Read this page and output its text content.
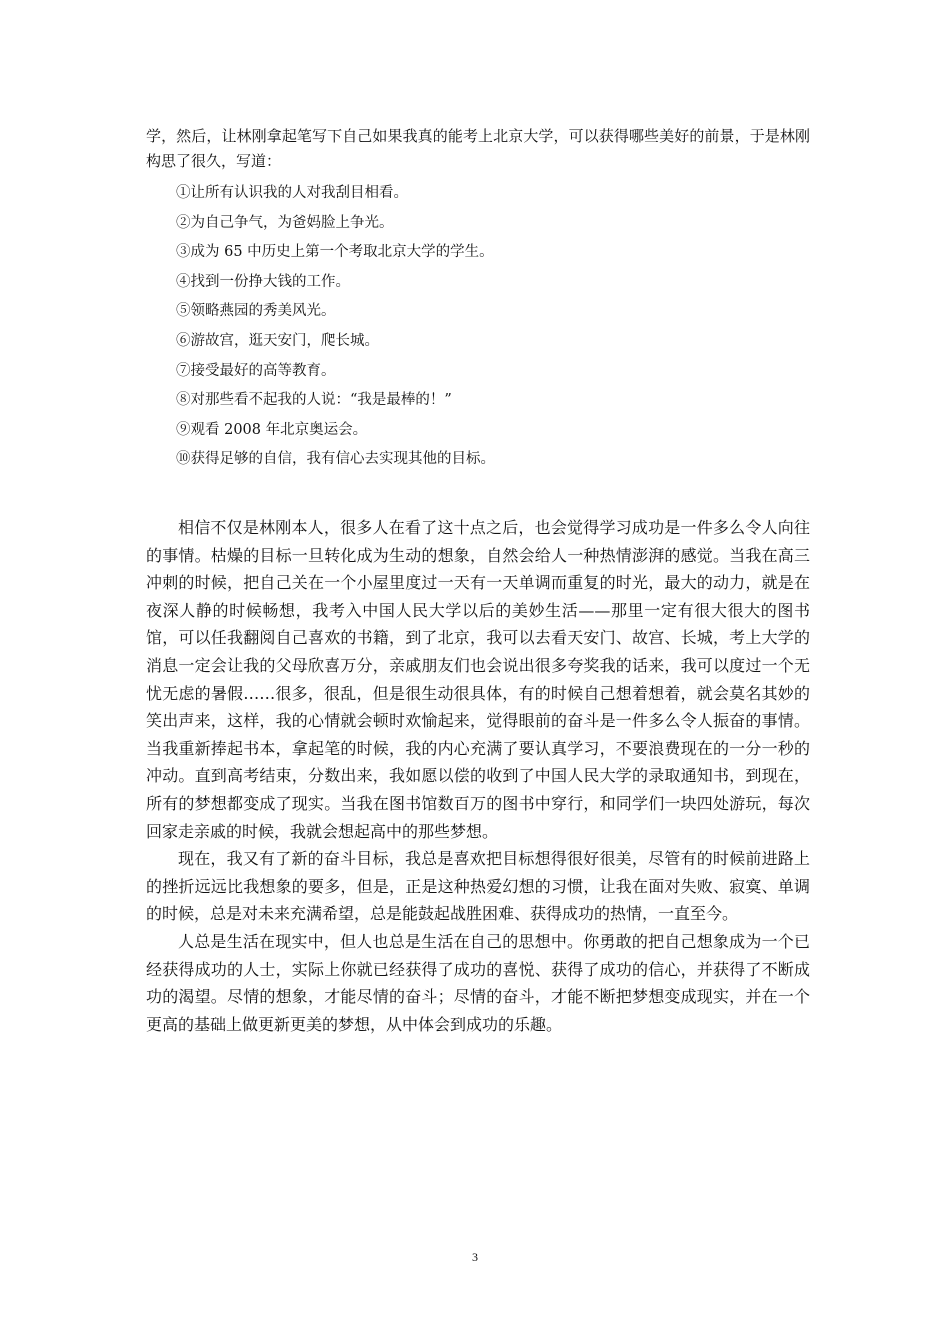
学，然后，让林刚拿起笔写下自己如果我真的能考上北京大学，可以获得哪些美好的前景，于是林刚构思了很久，写道：

①让所有认识我的人对我刮目相看。
②为自己争气，为爸妈脸上争光。
③成为 65 中历史上第一个考取北京大学的学生。
④找到一份挣大钱的工作。
⑤领略燕园的秀美风光。
⑥游故宫，逛天安门，爬长城。
⑦接受最好的高等教育。
⑧对那些看不起我的人说：“我是最棒的！”
⑨观看 2008 年北京奥运会。
⑩获得足够的自信，我有信心去实现其他的目标。

相信不仅是林刚本人，很多人在看了这十点之后，也会觉得学习成功是一件多么令人向往的事情。枯燥的目标一旦转化成为生动的想象，自然会给人一种热情澎湃的感觉。当我在高三冲刺的时候，把自己关在一个小屋里度过一天有一天单调而重复的时光，最大的动力，就是在夜深人静的时候畅想，我考入中国人民大学以后的美妙生活——那里一定有很大很大的图书馆，可以任我翻阅自己喜欢的书籍，到了北京，我可以去看天安门、故宫、长城，考上大学的消息一定会让我的父母欣喜万分，亲戚朋友们也会说出很多夸奖我的话来，我可以度过一个无忧无虑的暑假……很多，很乱，但是很生动很具体，有的时候自己想着想着，就会莫名其妙的笑出声来，这样，我的心情就会顿时欢愉起来，觉得眼前的奋斗是一件多么令人振奋的事情。当我重新捧起书本，拿起笔的时候，我的内心充满了要认真学习，不要浪费现在的一分一秒的冲动。直到高考结束，分数出来，我如愿以偿的收到了中国人民大学的录取通知书，到现在，所有的梦想都变成了现实。当我在图书馆数百万的图书中穿行，和同学们一块四处游玩，每次回家走亲戚的时候，我就会想起高中的那些梦想。

现在，我又有了新的奋斗目标，我总是喜欢把目标想得很好很美，尽管有的时候前进路上的挫折远远比我想象的要多，但是，正是这种热爱幻想的习惯，让我在面对失败、寂寞、单调的时候，总是对未来充满希望，总是能鼓起战胜困难、获得成功的热情，一直至今。

人总是生活在现实中，但人也总是生活在自己的思想中。你勇敢的把自己想象成为一个已经获得成功的人士，实际上你就已经获得了成功的喜悦、获得了成功的信心，并获得了不断成功的渴望。尽情的想象，才能尽情的奋斗；尽情的奋斗，才能不断把梦想变成现实，并在一个更高的基础上做更新更美的梦想，从中体会到成功的乐趣。

3
